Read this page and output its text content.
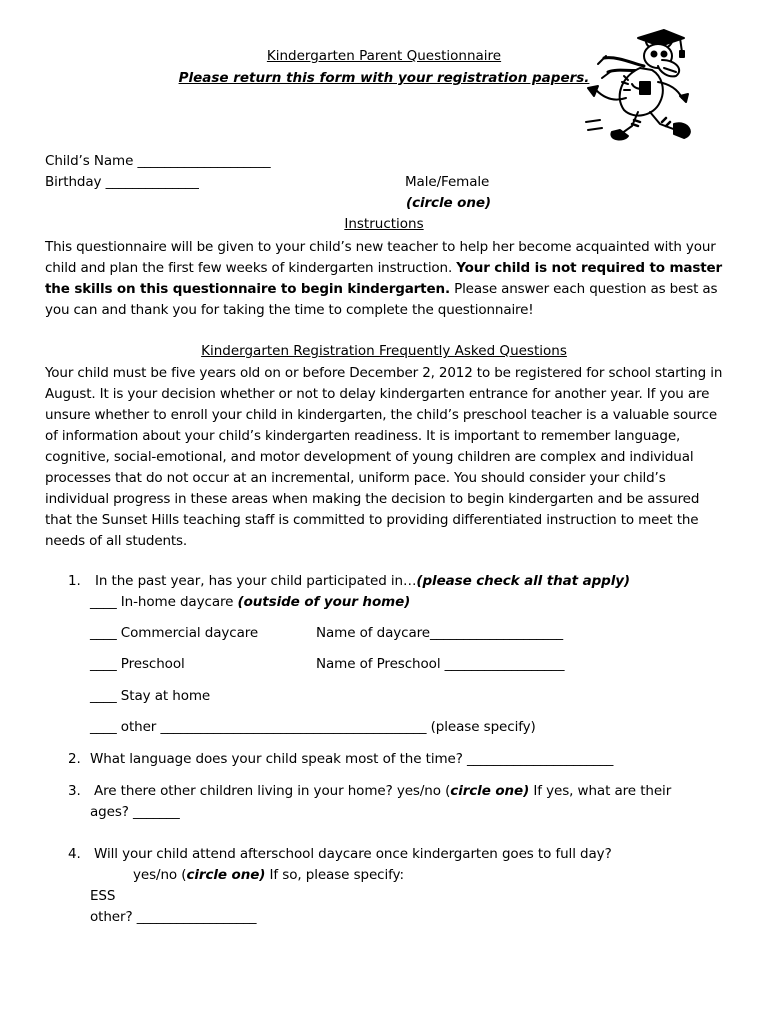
Kindergarten Parent Questionnaire
Please return this form with your registration papers.
Child’s Name ____________________
Birthday ______________	Male/Female
(circle one)
Instructions
This questionnaire will be given to your child’s new teacher to help her become acquainted with your child and plan the first few weeks of kindergarten instruction. Your child is not required to master the skills on this questionnaire to begin kindergarten. Please answer each question as best as you can and thank you for taking the time to complete the questionnaire!
Kindergarten Registration Frequently Asked Questions
Your child must be five years old on or before December 2, 2012 to be registered for school starting in August. It is your decision whether or not to delay kindergarten entrance for another year. If you are unsure whether to enroll your child in kindergarten, the child’s preschool teacher is a valuable source of information about your child’s kindergarten readiness. It is important to remember language, cognitive, social-emotional, and motor development of young children are complex and individual processes that do not occur at an incremental, uniform pace. You should consider your child’s individual progress in these areas when making the decision to begin kindergarten and be assured that the Sunset Hills teaching staff is committed to providing differentiated instruction to meet the needs of all students.
1. In the past year, has your child participated in…(please check all that apply)
____ In-home daycare (outside of your home)
____ Commercial daycare	Name of daycare____________________
____ Preschool	Name of Preschool __________________
____ Stay at home
____ other ________________________________________ (please specify)
2. What language does your child speak most of the time? ______________________
3. Are there other children living in your home? yes/no (circle one) If yes, what are their
ages? _______
4. Will your child attend afterschool daycare once kindergarten goes to full day?
yes/no (circle one) If so, please specify:
ESS
other? __________________
